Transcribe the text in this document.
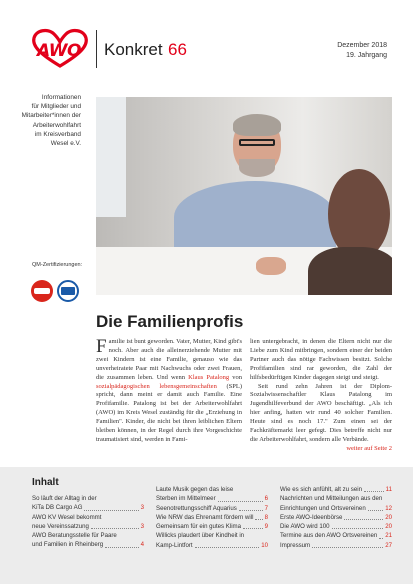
AWO Konkret 66	Dezember 2018
19. Jahrgang
Informationen
für Mitglieder und
Mitarbeiter*innen der
Arbeiterwohlfahrt
im Kreisverband
Wesel e.V.
QM-Zertifizierungen:
Die Familienprofis
Familie ist bunt geworden. Vater, Mutter, Kind gibt's noch. Aber auch die alleinerziehende Mutter mit zwei Kindern ist eine Familie, genauso wie das unverheiratete Paar mit Nachwuchs oder zwei Frauen, die zusammen leben. Und wenn Klaus Patalong von sozialpädagogischen lebensgemeinschaften (SPL) spricht, dann meint er damit auch Familie. Eine Profifamilie. Patalong ist bei der Arbeiterwohlfahrt (AWO) im Kreis Wesel zuständig für die „Erziehung in Familien". Kinder, die nicht bei ihren leiblichen Eltern bleiben können, in der Regel durch ihre Vorgeschichte traumatisiert sind, werden in Fami-
lien untergebracht, in denen die Eltern nicht nur die Liebe zum Kind mitbringen, sondern einer der beiden Partner auch das nötige Fachwissen besitzt. Solche Profifamilien sind rar geworden, die Zahl der hilfsbedürftigen Kinder dagegen steigt und steigt.
Seit rund zehn Jahren ist der Diplom-Sozialwissenschaftler Klaus Patalong im Jugendhilfeverbund der AWO beschäftigt. „Als ich hier anfing, hatten wir rund 40 solcher Familien. Heute sind es noch 17." Zum einen sei der Fachkräftemarkt leer gefegt. Dies betreffe nicht nur die Arbeiterwohlfahrt, sondern alle Verbände.
weiter auf Seite 2
Inhalt
So läuft der Alltag in der
KiTa DB Cargo AG	3
AWO KV Wesel bekommt
neue Vereinssatzung	3
AWO Beratungsstelle für Paare
und Familien in Rheinberg	4
Laute Musik gegen das leise
Sterben im Mittelmeer	6
Seenotrettungsschiff Aquarius	7
Wie NRW das Ehrenamt fördern will 8
Gemeinsam für ein gutes Klima	9
Willicks plaudert über Kindheit in
Kamp-Lintfort	10
Wie es sich anfühlt, alt zu sein	11
Nachrichten und Mitteilungen aus den
Einrichtungen und Ortsvereinen	12
Erste AWO-Ideenbörse	20
Die AWO wird 100	20
Termine aus den AWO Ortsvereinen 21
Impressum	27
